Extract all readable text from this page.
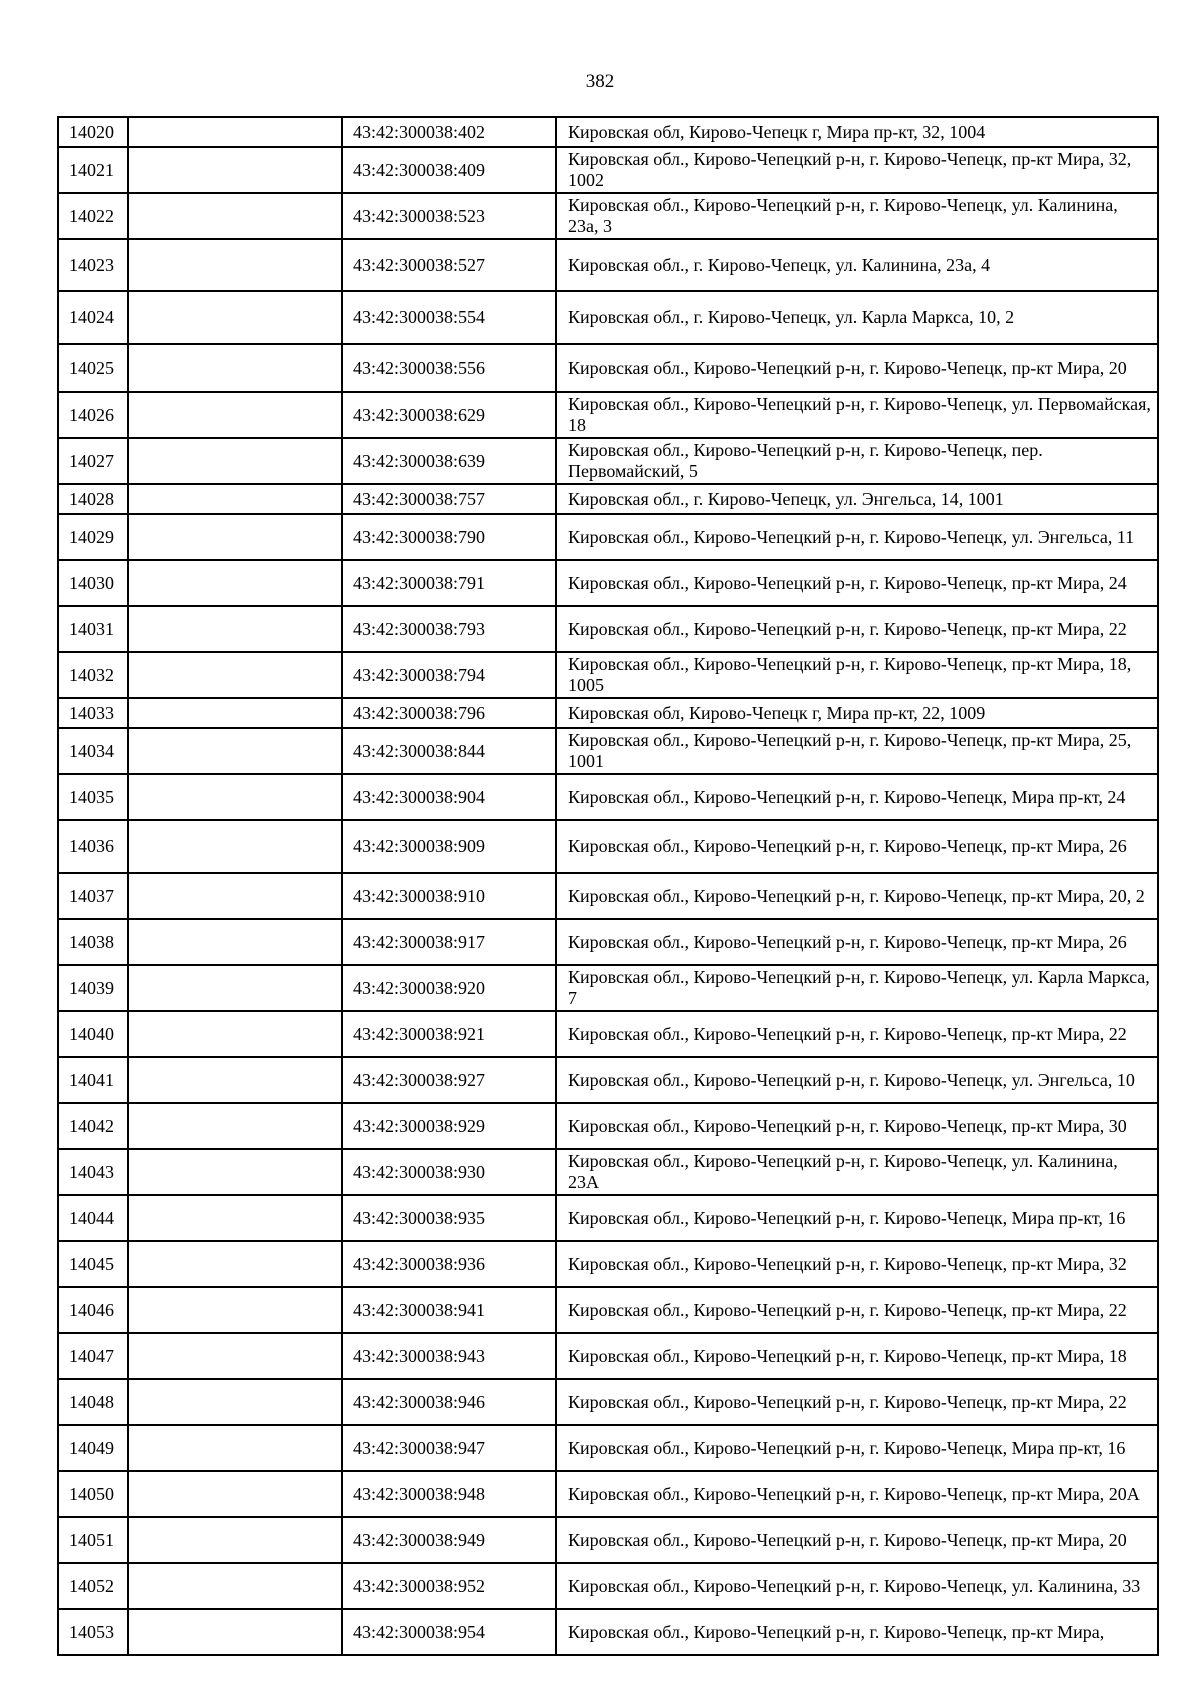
382
14020		43:42:300038:402	Кировская обл, Кирово-Чепецк г, Мира пр-кт, 32, 1004
14021		43:42:300038:409	Кировская обл., Кирово-Чепецкий р-н, г. Кирово-Чепецк, пр-кт Мира, 32, 1002
14022		43:42:300038:523	Кировская обл., Кирово-Чепецкий р-н, г. Кирово-Чепецк, ул. Калинина, 23а, 3
14023		43:42:300038:527	Кировская обл., г. Кирово-Чепецк, ул. Калинина, 23а, 4
14024		43:42:300038:554	Кировская обл., г. Кирово-Чепецк, ул. Карла Маркса, 10, 2
14025		43:42:300038:556	Кировская обл., Кирово-Чепецкий р-н, г. Кирово-Чепецк, пр-кт Мира, 20
14026		43:42:300038:629	Кировская обл., Кирово-Чепецкий р-н, г. Кирово-Чепецк, ул. Первомайская, 18
14027		43:42:300038:639	Кировская обл., Кирово-Чепецкий р-н, г. Кирово-Чепецк, пер. Первомайский, 5
14028		43:42:300038:757	Кировская обл., г. Кирово-Чепецк, ул. Энгельса, 14, 1001
14029		43:42:300038:790	Кировская обл., Кирово-Чепецкий р-н, г. Кирово-Чепецк, ул. Энгельса, 11
14030		43:42:300038:791	Кировская обл., Кирово-Чепецкий р-н, г. Кирово-Чепецк, пр-кт Мира, 24
14031		43:42:300038:793	Кировская обл., Кирово-Чепецкий р-н, г. Кирово-Чепецк, пр-кт Мира, 22
14032		43:42:300038:794	Кировская обл., Кирово-Чепецкий р-н, г. Кирово-Чепецк, пр-кт Мира, 18, 1005
14033		43:42:300038:796	Кировская обл, Кирово-Чепецк г, Мира пр-кт, 22, 1009
14034		43:42:300038:844	Кировская обл., Кирово-Чепецкий р-н, г. Кирово-Чепецк, пр-кт Мира, 25, 1001
14035		43:42:300038:904	Кировская обл., Кирово-Чепецкий р-н, г. Кирово-Чепецк, Мира пр-кт, 24
14036		43:42:300038:909	Кировская обл., Кирово-Чепецкий р-н, г. Кирово-Чепецк, пр-кт Мира, 26
14037		43:42:300038:910	Кировская обл., Кирово-Чепецкий р-н, г. Кирово-Чепецк, пр-кт Мира, 20, 2
14038		43:42:300038:917	Кировская обл., Кирово-Чепецкий р-н, г. Кирово-Чепецк, пр-кт Мира, 26
14039		43:42:300038:920	Кировская обл., Кирово-Чепецкий р-н, г. Кирово-Чепецк, ул. Карла Маркса, 7
14040		43:42:300038:921	Кировская обл., Кирово-Чепецкий р-н, г. Кирово-Чепецк, пр-кт Мира, 22
14041		43:42:300038:927	Кировская обл., Кирово-Чепецкий р-н, г. Кирово-Чепецк, ул. Энгельса, 10
14042		43:42:300038:929	Кировская обл., Кирово-Чепецкий р-н, г. Кирово-Чепецк, пр-кт Мира, 30
14043		43:42:300038:930	Кировская обл., Кирово-Чепецкий р-н, г. Кирово-Чепецк, ул. Калинина, 23А
14044		43:42:300038:935	Кировская обл., Кирово-Чепецкий р-н, г. Кирово-Чепецк, Мира пр-кт, 16
14045		43:42:300038:936	Кировская обл., Кирово-Чепецкий р-н, г. Кирово-Чепецк, пр-кт Мира, 32
14046		43:42:300038:941	Кировская обл., Кирово-Чепецкий р-н, г. Кирово-Чепецк, пр-кт Мира, 22
14047		43:42:300038:943	Кировская обл., Кирово-Чепецкий р-н, г. Кирово-Чепецк, пр-кт Мира, 18
14048		43:42:300038:946	Кировская обл., Кирово-Чепецкий р-н, г. Кирово-Чепецк, пр-кт Мира, 22
14049		43:42:300038:947	Кировская обл., Кирово-Чепецкий р-н, г. Кирово-Чепецк, Мира пр-кт, 16
14050		43:42:300038:948	Кировская обл., Кирово-Чепецкий р-н, г. Кирово-Чепецк, пр-кт Мира, 20А
14051		43:42:300038:949	Кировская обл., Кирово-Чепецкий р-н, г. Кирово-Чепецк, пр-кт Мира, 20
14052		43:42:300038:952	Кировская обл., Кирово-Чепецкий р-н, г. Кирово-Чепецк, ул. Калинина, 33
14053		43:42:300038:954	Кировская обл., Кирово-Чепецкий р-н, г. Кирово-Чепецк, пр-кт Мира,
